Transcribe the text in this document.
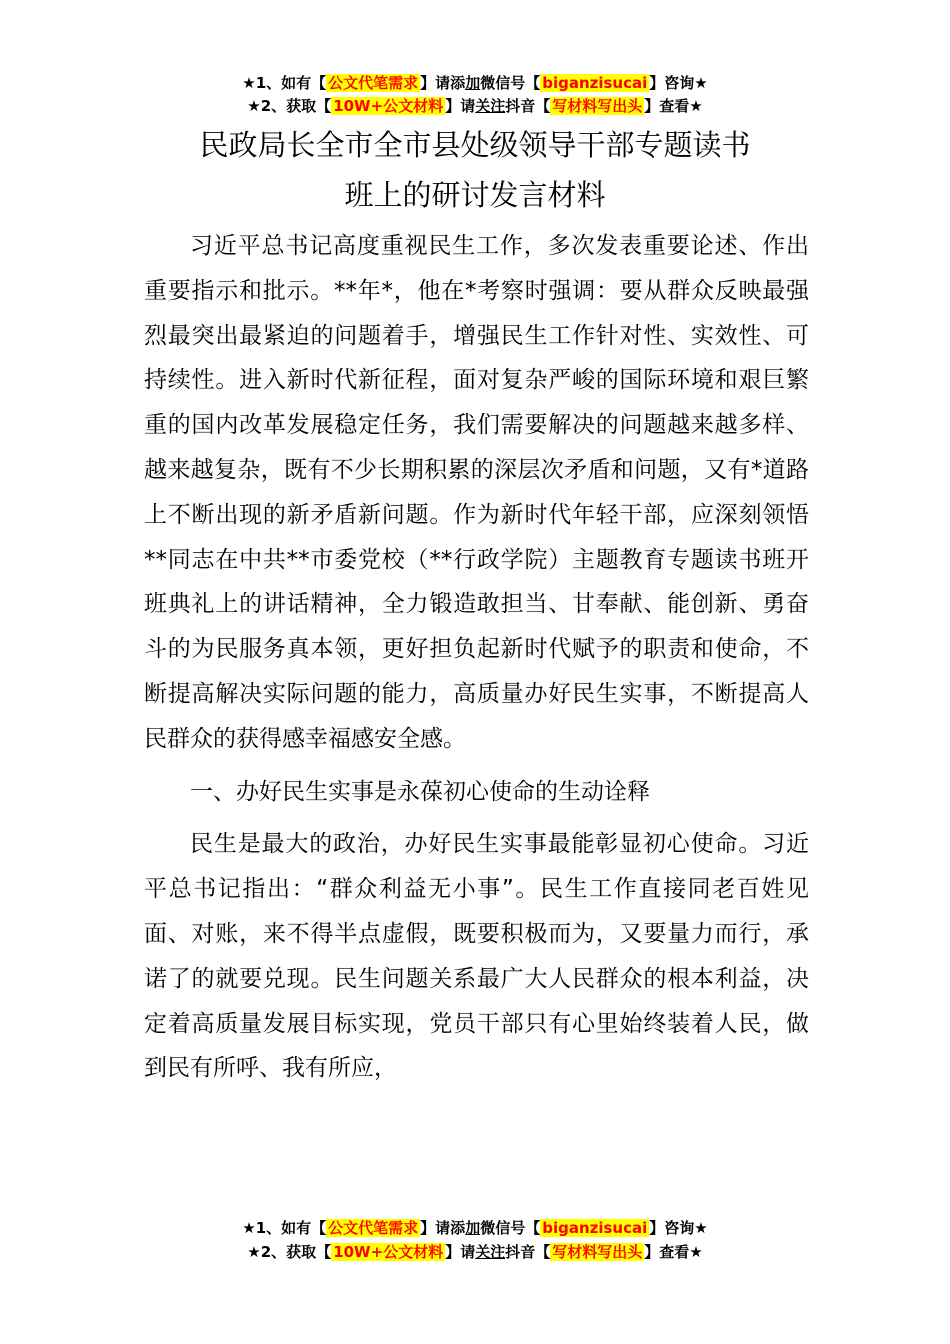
★1、如有【 公文代笔需求 】请添加微信号【 biganzisucai 】咨询★
★2、获取【 10W+公文材料 】请关注抖音【 写材料写出头 】查看★
民政局长全市全市县处级领导干部专题读书
班上的研讨发言材料

习近平总书记高度重视民生工作，多次发表重要论述、作出重要指示和批示。**年*，他在*考察时强调：要从群众反映最强烈最突出最紧迫的问题着手，增强民生工作针对性、实效性、可持续性。进入新时代新征程，面对复杂严峻的国际环境和艰巨繁重的国内改革发展稳定任务，我们需要解决的问题越来越多样、越来越复杂，既有不少长期积累的深层次矛盾和问题，又有*道路上不断出现的新矛盾新问题。作为新时代年轻干部，应深刻领悟**同志在中共**市委党校（**行政学院）主题教育专题读书班开班典礼上的讲话精神，全力锻造敢担当、甘奉献、能创新、勇奋斗的为民服务真本领，更好担负起新时代赋予的职责和使命，不断提高解决实际问题的能力，高质量办好民生实事，不断提高人民群众的获得感幸福感安全感。

一、办好民生实事是永葆初心使命的生动诠释

民生是最大的政治，办好民生实事最能彰显初心使命。习近平总书记指出：“群众利益无小事”。民生工作直接同老百姓见面、对账，来不得半点虚假，既要积极而为，又要量力而行，承诺了的就要兑现。民生问题关系最广大人民群众的根本利益，决定着高质量发展目标实现，党员干部只有心里始终装着人民，做到民有所呼、我有所应，

★1、如有【 公文代笔需求 】请添加微信号【 biganzisucai 】咨询★
★2、获取【 10W+公文材料 】请关注抖音【 写材料写出头 】查看★
